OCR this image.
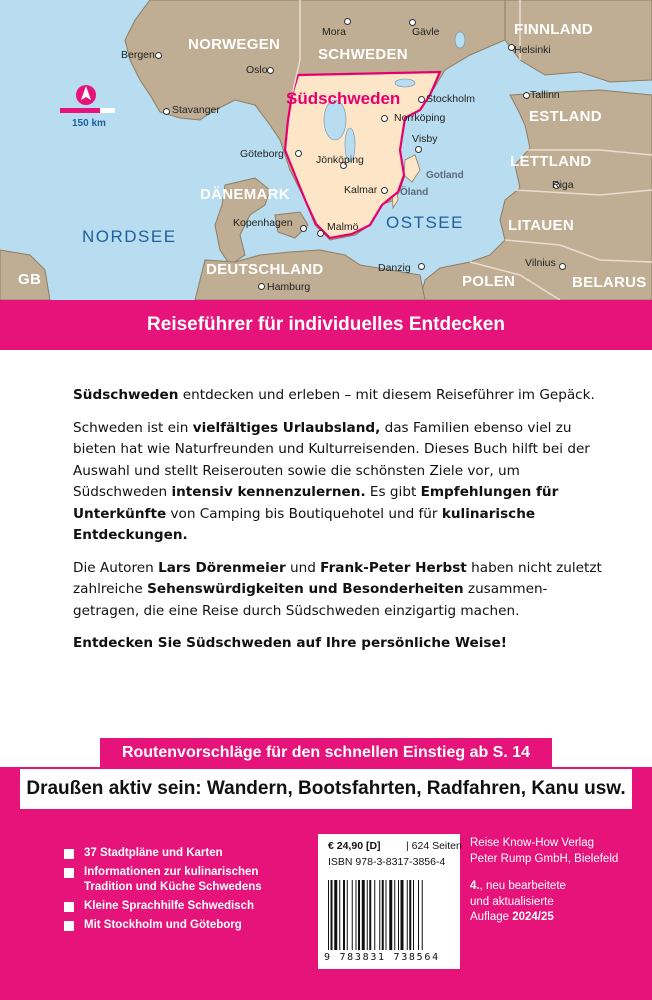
NORWEGEN
SCHWEDEN
FINNLAND
ESTLAND
LETTLAND
LITAUEN
BELARUS
POLEN
DÄNEMARK
DEUTSCHLAND
GB
NORDSEE
OSTSEE
Südschweden
150 km
Bergen
Oslo
Stavanger
Mora	Gävle
Helsinki
Tallinn
Stockholm
Norrköping
Visby
Gotland
Göteborg	Jönköping
Kalmar Öland
Riga
Kopenhagen	Malmö
Danzig	Vilnius
Hamburg
Reiseführer für individuelles Entdecken

Südschweden entdecken und erleben – mit diesem Reiseführer im Gepäck.

Schweden ist ein vielfältiges Urlaubsland, das Familien ebenso viel zu bieten hat wie Naturfreunden und Kulturreisenden. Dieses Buch hilft bei der Auswahl und stellt Reiserouten sowie die schönsten Ziele vor, um Südschweden intensiv kennenzulernen. Es gibt Empfehlungen für Unterkünfte von Camping bis Boutiquehotel und für kulinarische Entdeckungen.

Die Autoren Lars Dörenmeier und Frank-Peter Herbst haben nicht zuletzt zahlreiche Sehenswürdigkeiten und Besonderheiten zusammen-getragen, die eine Reise durch Südschweden einzigartig machen.

Entdecken Sie Südschweden auf Ihre persönliche Weise!

Routenvorschläge für den schnellen Einstieg ab S. 14
Draußen aktiv sein: Wandern, Bootsfahrten, Radfahren, Kanu usw.
37 Stadtpläne und Karten
Informationen zur kulinarischen Tradition und Küche Schwedens
Kleine Sprachhilfe Schwedisch
Mit Stockholm und Göteborg
€ 24,90 [D] | 624 Seiten
ISBN 978-3-8317-3856-4
9 783831 738564
Reise Know-How Verlag
Peter Rump GmbH, Bielefeld
4., neu bearbeitete
und aktualisierte
Auflage 2024/25
